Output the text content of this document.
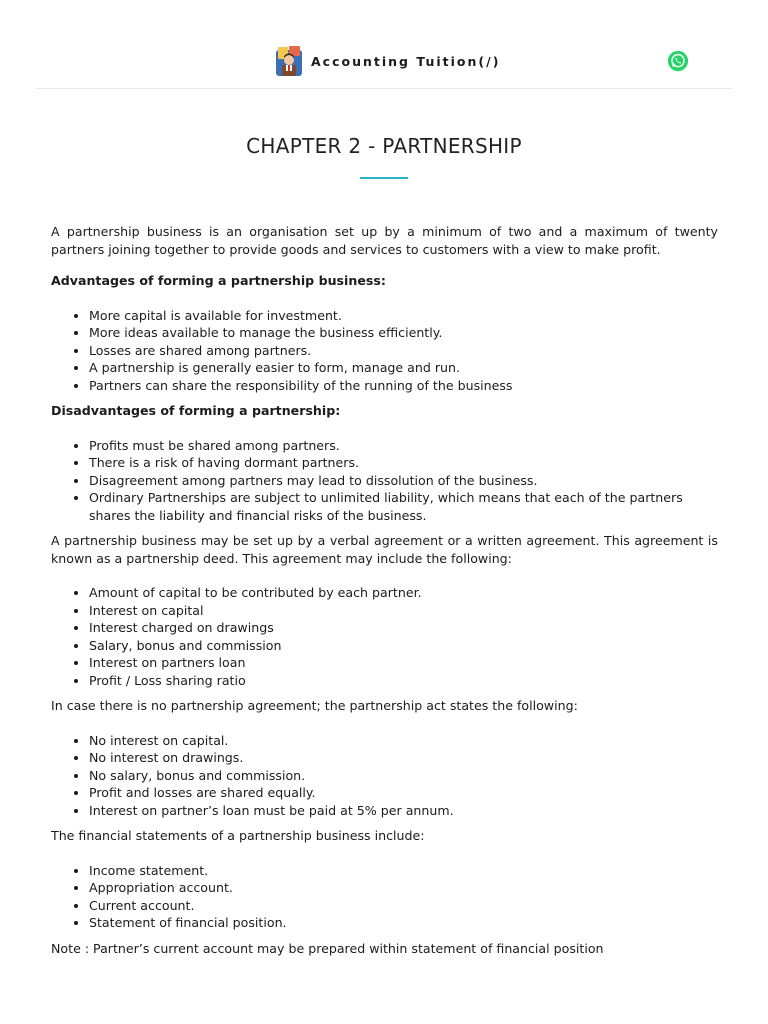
Accounting Tuition(/)
CHAPTER 2 - PARTNERSHIP

A partnership business is an organisation set up by a minimum of two and a maximum of twenty partners joining together to provide goods and services to customers with a view to make profit.

Advantages of forming a partnership business:

• More capital is available for investment.
• More ideas available to manage the business efficiently.
• Losses are shared among partners.
• A partnership is generally easier to form, manage and run.
• Partners can share the responsibility of the running of the business

Disadvantages of forming a partnership:

• Profits must be shared among partners.
• There is a risk of having dormant partners.
• Disagreement among partners may lead to dissolution of the business.
• Ordinary Partnerships are subject to unlimited liability, which means that each of the partners shares the liability and financial risks of the business.

A partnership business may be set up by a verbal agreement or a written agreement. This agreement is known as a partnership deed. This agreement may include the following:

• Amount of capital to be contributed by each partner.
• Interest on capital
• Interest charged on drawings
• Salary, bonus and commission
• Interest on partners loan
• Profit / Loss sharing ratio

In case there is no partnership agreement; the partnership act states the following:

• No interest on capital.
• No interest on drawings.
• No salary, bonus and commission.
• Profit and losses are shared equally.
• Interest on partner’s loan must be paid at 5% per annum.

The financial statements of a partnership business include:

• Income statement.
• Appropriation account.
• Current account.
• Statement of financial position.

Note : Partner’s current account may be prepared within statement of financial position
